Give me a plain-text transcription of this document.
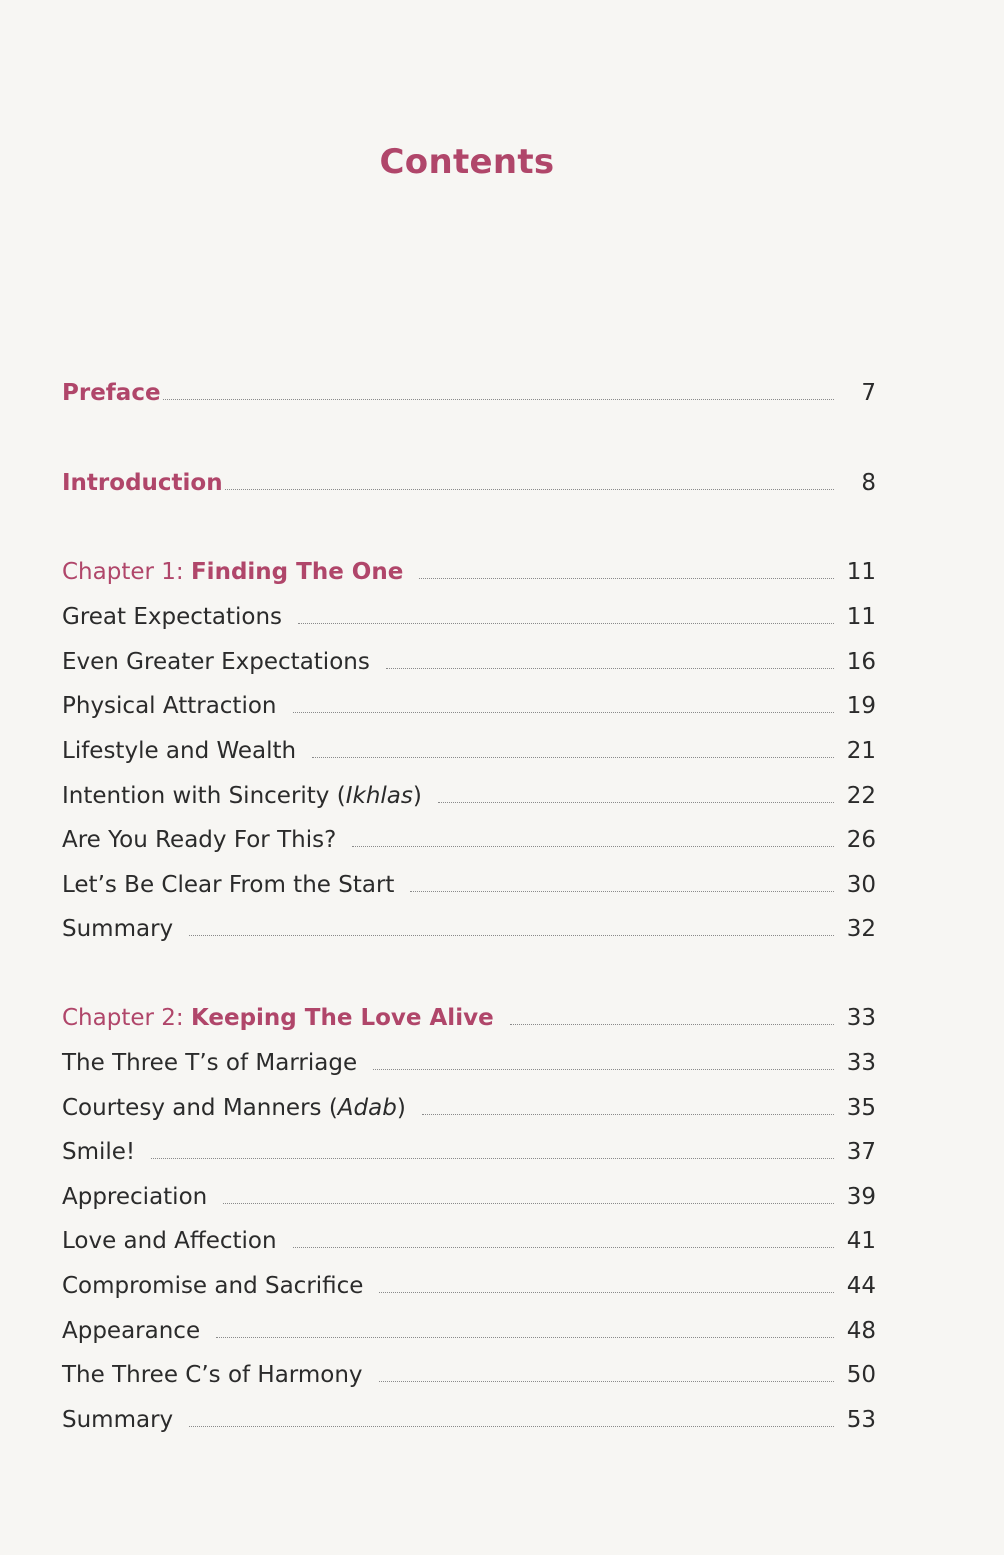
Contents
Preface	7
Introduction	8
Chapter 1: Finding The One	11
Great Expectations	11
Even Greater Expectations	16
Physical Attraction	19
Lifestyle and Wealth	21
Intention with Sincerity (Ikhlas)	22
Are You Ready For This?	26
Let’s Be Clear From the Start	30
Summary	32
Chapter 2: Keeping The Love Alive	33
The Three T’s of Marriage	33
Courtesy and Manners (Adab)	35
Smile!	37
Appreciation	39
Love and Affection	41
Compromise and Sacrifice	44
Appearance	48
The Three C’s of Harmony	50
Summary	53
